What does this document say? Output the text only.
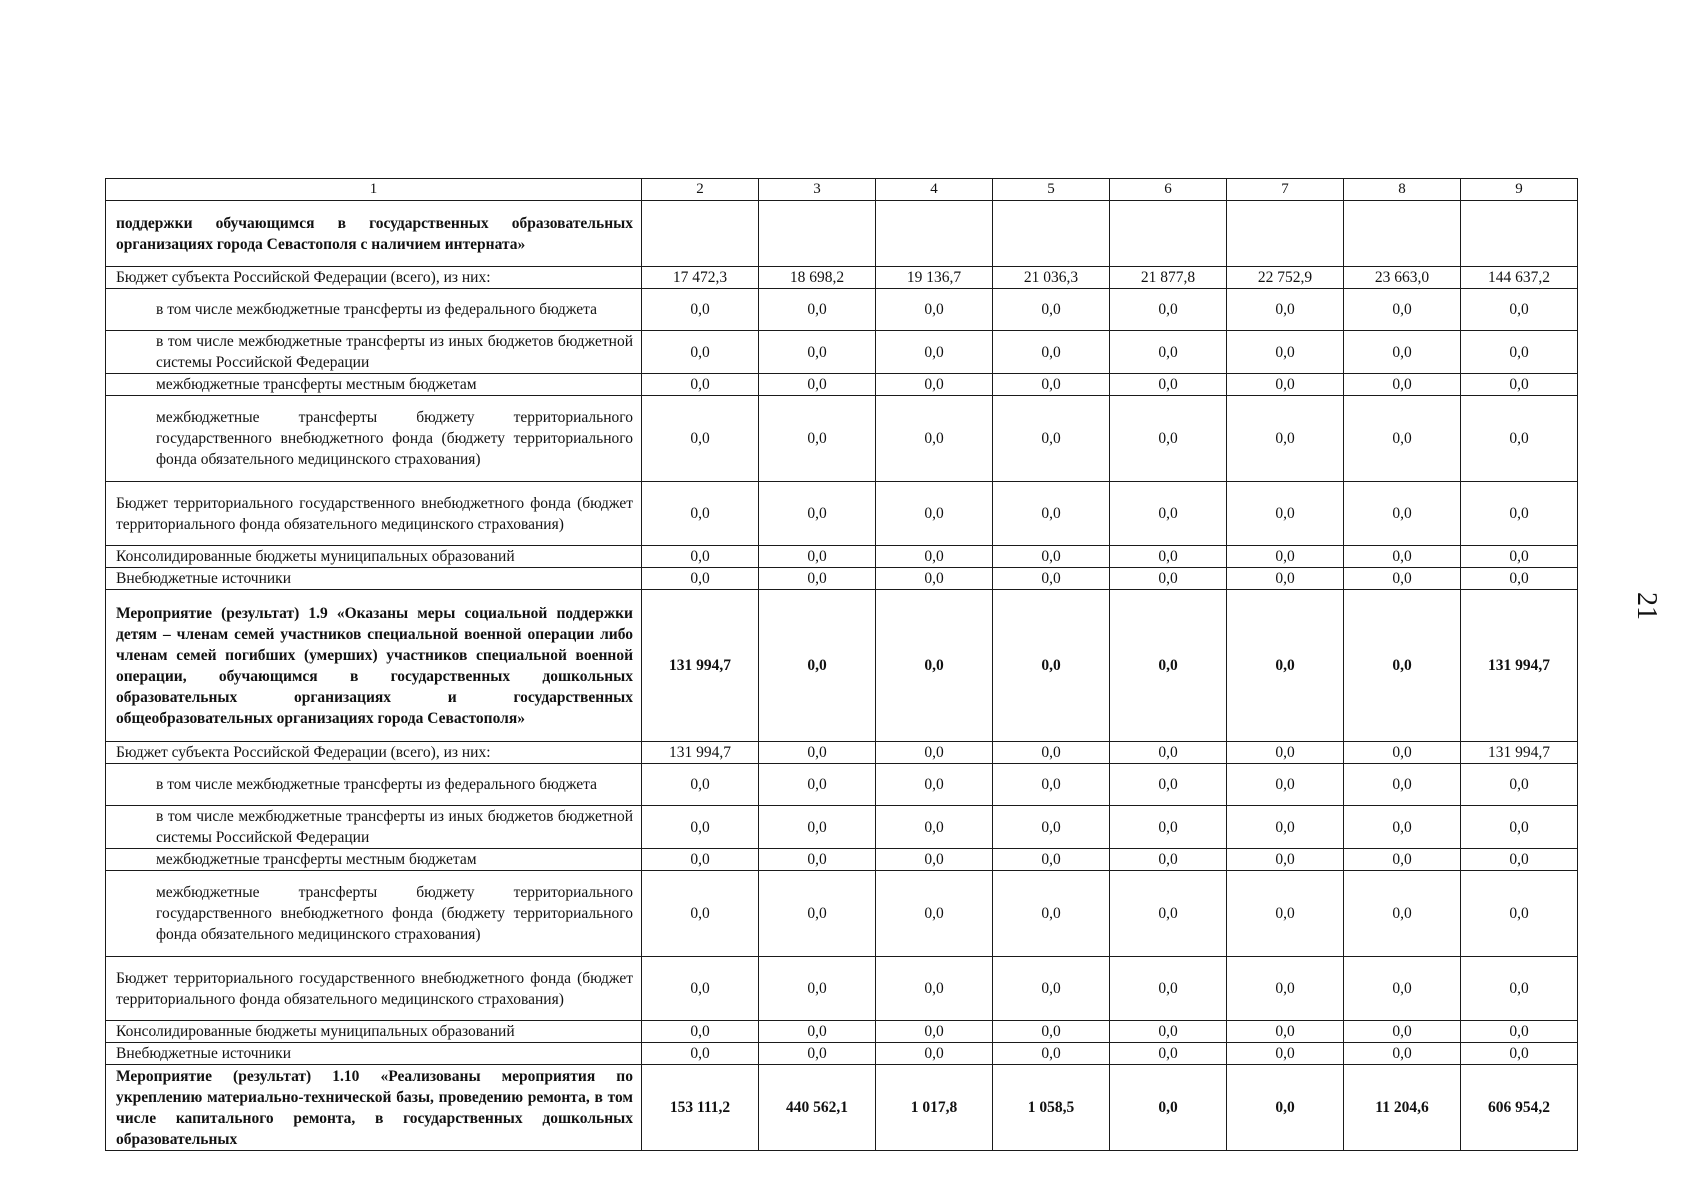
21
1	2	3	4	5	6	7	8	9
поддержки обучающимся в государственных образовательных организациях города Севастополя с наличием интерната»								
Бюджет субъекта Российской Федерации (всего), из них:	17 472,3	18 698,2	19 136,7	21 036,3	21 877,8	22 752,9	23 663,0	144 637,2
в том числе межбюджетные трансферты из федерального бюджета	0,0	0,0	0,0	0,0	0,0	0,0	0,0	0,0
в том числе межбюджетные трансферты из иных бюджетов бюджетной системы Российской Федерации	0,0	0,0	0,0	0,0	0,0	0,0	0,0	0,0
межбюджетные трансферты местным бюджетам	0,0	0,0	0,0	0,0	0,0	0,0	0,0	0,0
межбюджетные трансферты бюджету территориального государственного внебюджетного фонда (бюджету территориального фонда обязательного медицинского страхования)	0,0	0,0	0,0	0,0	0,0	0,0	0,0	0,0
Бюджет территориального государственного внебюджетного фонда (бюджет территориального фонда обязательного медицинского страхования)	0,0	0,0	0,0	0,0	0,0	0,0	0,0	0,0
Консолидированные бюджеты муниципальных образований	0,0	0,0	0,0	0,0	0,0	0,0	0,0	0,0
Внебюджетные источники	0,0	0,0	0,0	0,0	0,0	0,0	0,0	0,0
Мероприятие (результат) 1.9 «Оказаны меры социальной поддержки детям – членам семей участников специальной военной операции либо членам семей погибших (умерших) участников специальной военной операции, обучающимся в государственных дошкольных образовательных организациях и государственных общеобразовательных организациях города Севастополя»	131 994,7	0,0	0,0	0,0	0,0	0,0	0,0	131 994,7
Бюджет субъекта Российской Федерации (всего), из них:	131 994,7	0,0	0,0	0,0	0,0	0,0	0,0	131 994,7
в том числе межбюджетные трансферты из федерального бюджета	0,0	0,0	0,0	0,0	0,0	0,0	0,0	0,0
в том числе межбюджетные трансферты из иных бюджетов бюджетной системы Российской Федерации	0,0	0,0	0,0	0,0	0,0	0,0	0,0	0,0
межбюджетные трансферты местным бюджетам	0,0	0,0	0,0	0,0	0,0	0,0	0,0	0,0
межбюджетные трансферты бюджету территориального государственного внебюджетного фонда (бюджету территориального фонда обязательного медицинского страхования)	0,0	0,0	0,0	0,0	0,0	0,0	0,0	0,0
Бюджет территориального государственного внебюджетного фонда (бюджет территориального фонда обязательного медицинского страхования)	0,0	0,0	0,0	0,0	0,0	0,0	0,0	0,0
Консолидированные бюджеты муниципальных образований	0,0	0,0	0,0	0,0	0,0	0,0	0,0	0,0
Внебюджетные источники	0,0	0,0	0,0	0,0	0,0	0,0	0,0	0,0
Мероприятие (результат) 1.10 «Реализованы мероприятия по укреплению материально-технической базы, проведению ремонта, в том числе капитального ремонта, в государственных дошкольных образовательных	153 111,2	440 562,1	1 017,8	1 058,5	0,0	0,0	11 204,6	606 954,2
